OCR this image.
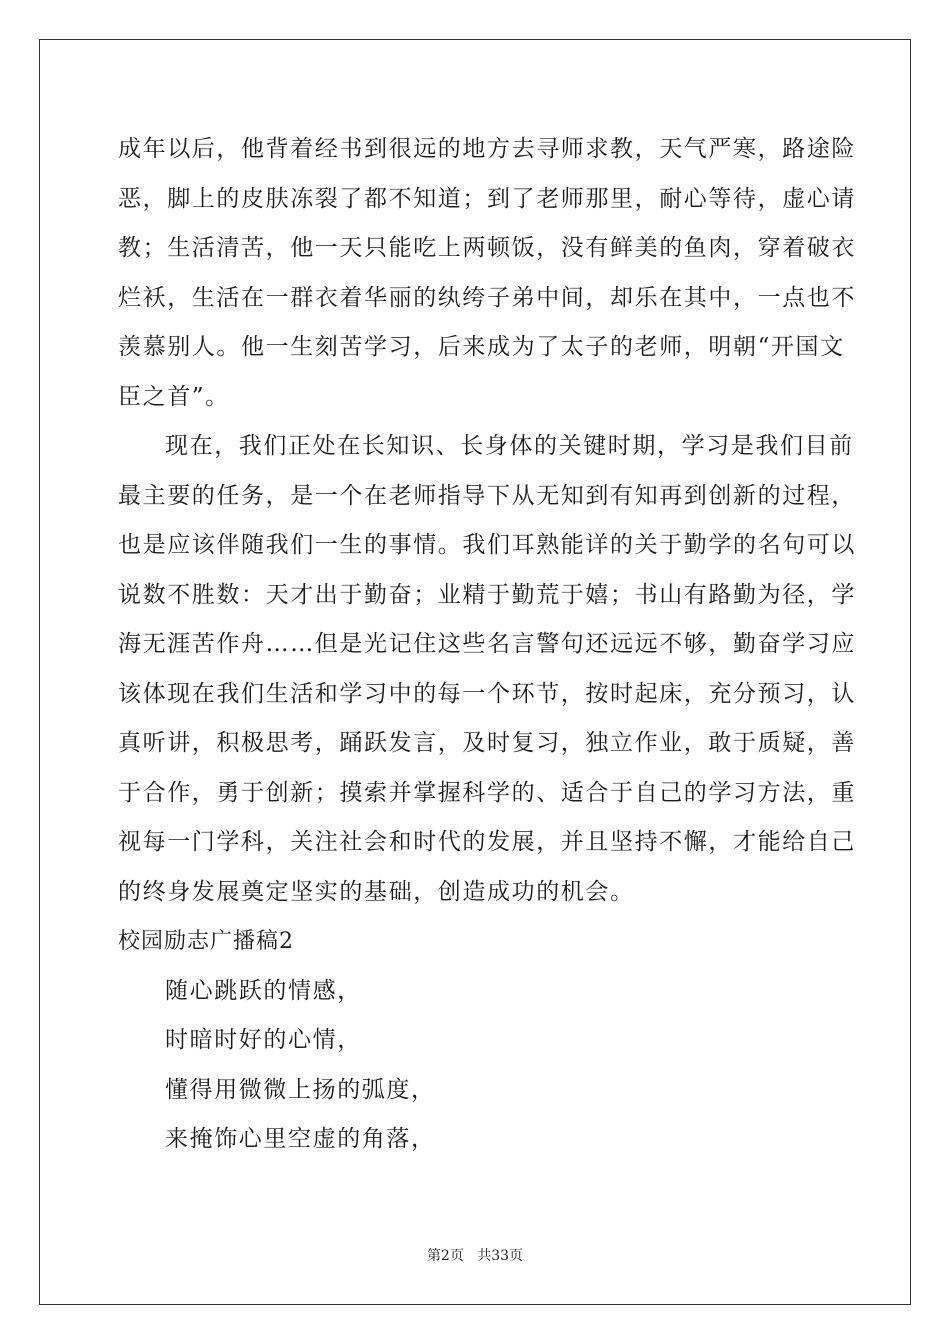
成年以后，他背着经书到很远的地方去寻师求教，天气严寒，路途险
恶，脚上的皮肤冻裂了都不知道；到了老师那里，耐心等待，虚心请
教；生活清苦，他一天只能吃上两顿饭，没有鲜美的鱼肉，穿着破衣
烂袄，生活在一群衣着华丽的纨绔子弟中间，却乐在其中，一点也不
羡慕别人。他一生刻苦学习，后来成为了太子的老师，明朝“开国文
臣之首”。
现在，我们正处在长知识、长身体的关键时期，学习是我们目前
最主要的任务，是一个在老师指导下从无知到有知再到创新的过程，
也是应该伴随我们一生的事情。我们耳熟能详的关于勤学的名句可以
说数不胜数：天才出于勤奋；业精于勤荒于嬉；书山有路勤为径，学
海无涯苦作舟……但是光记住这些名言警句还远远不够，勤奋学习应
该体现在我们生活和学习中的每一个环节，按时起床，充分预习，认
真听讲，积极思考，踊跃发言，及时复习，独立作业，敢于质疑，善
于合作，勇于创新；摸索并掌握科学的、适合于自己的学习方法，重
视每一门学科，关注社会和时代的发展，并且坚持不懈，才能给自己
的终身发展奠定坚实的基础，创造成功的机会。
校园励志广播稿2
随心跳跃的情感，
时暗时好的心情，
懂得用微微上扬的弧度，
来掩饰心里空虚的角落，
第2页 共33页
